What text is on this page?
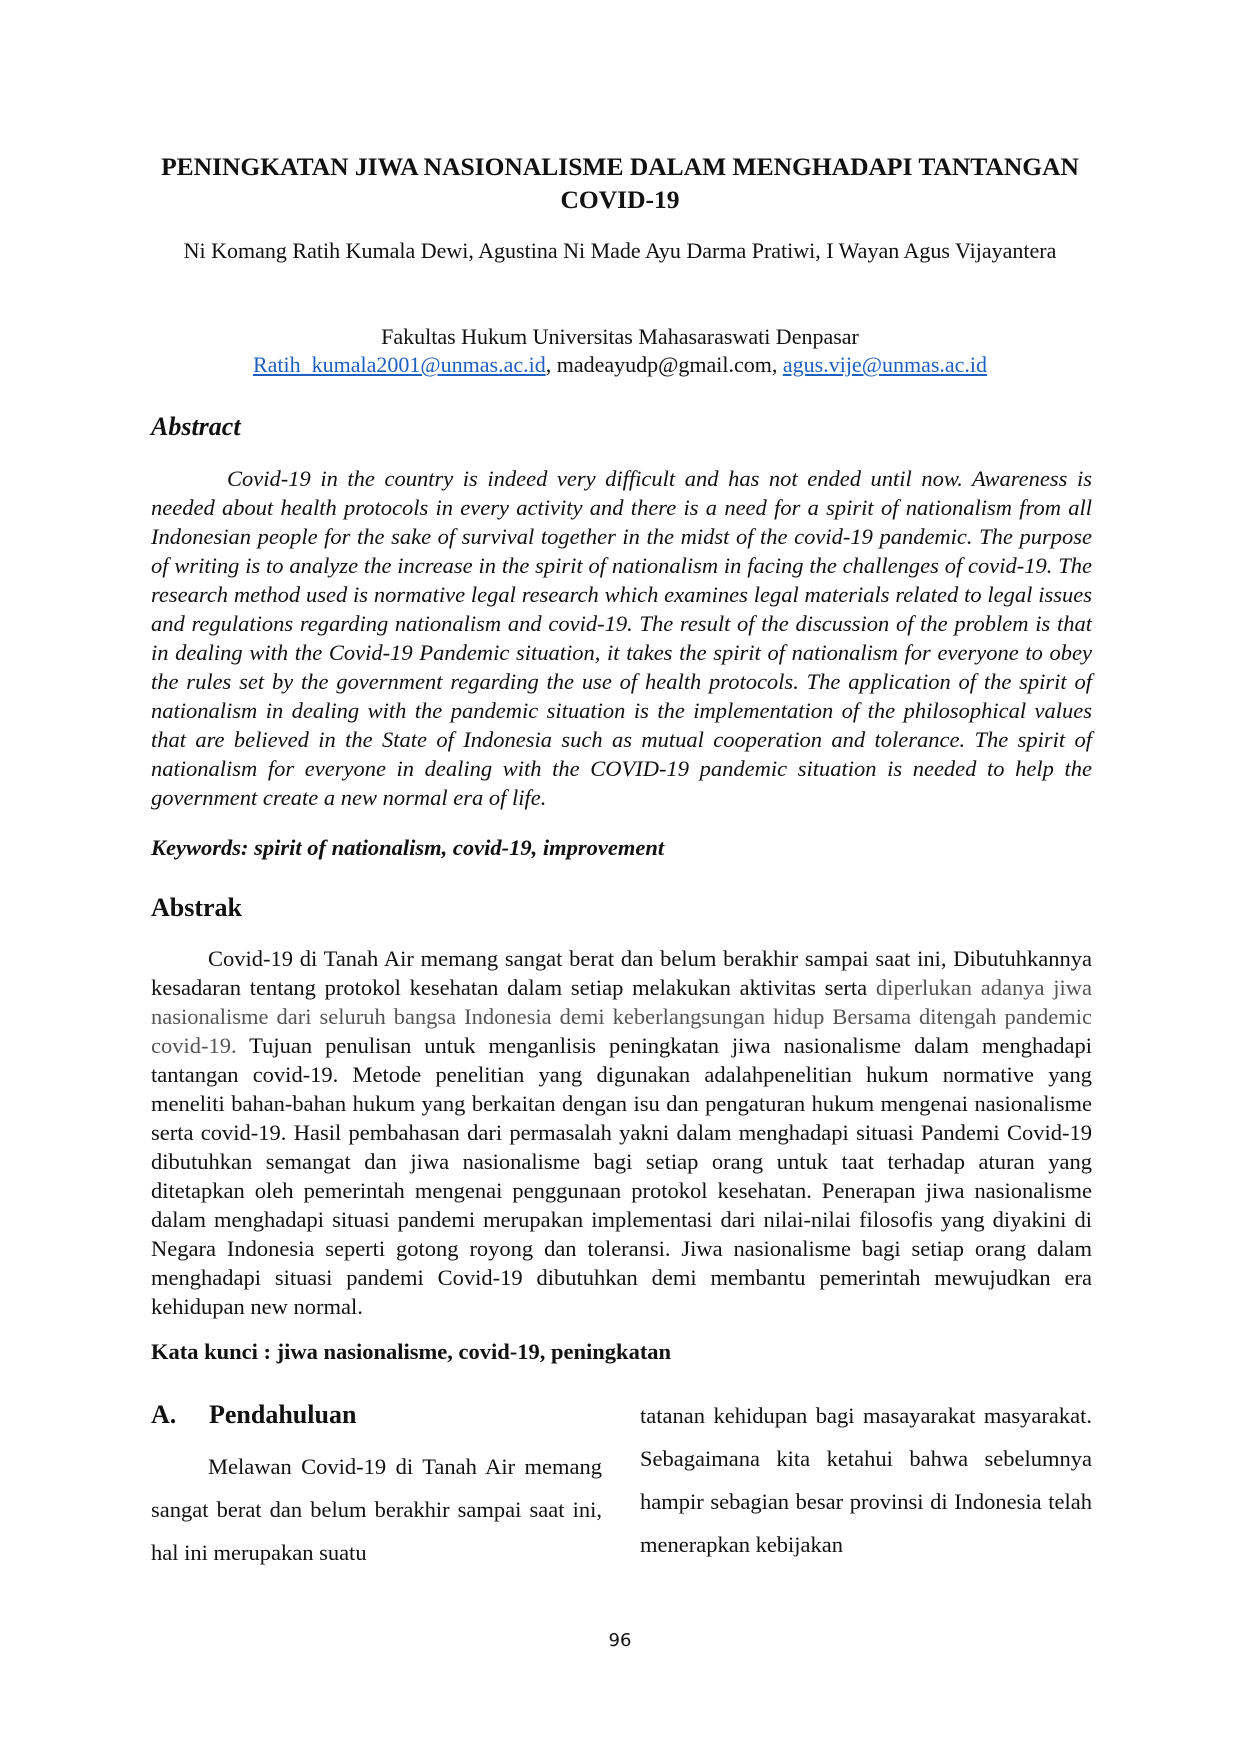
PENINGKATAN JIWA NASIONALISME DALAM MENGHADAPI TANTANGAN COVID-19
Ni Komang Ratih Kumala Dewi, Agustina Ni Made Ayu Darma Pratiwi, I Wayan Agus Vijayantera
Fakultas Hukum Universitas Mahasaraswati Denpasar
Ratih_kumala2001@unmas.ac.id, madeayudp@gmail.com, agus.vije@unmas.ac.id
Abstract

Covid-19 in the country is indeed very difficult and has not ended until now. Awareness is needed about health protocols in every activity and there is a need for a spirit of nationalism from all Indonesian people for the sake of survival together in the midst of the covid-19 pandemic. The purpose of writing is to analyze the increase in the spirit of nationalism in facing the challenges of covid-19. The research method used is normative legal research which examines legal materials related to legal issues and regulations regarding nationalism and covid-19. The result of the discussion of the problem is that in dealing with the Covid-19 Pandemic situation, it takes the spirit of nationalism for everyone to obey the rules set by the government regarding the use of health protocols. The application of the spirit of nationalism in dealing with the pandemic situation is the implementation of the philosophical values that are believed in the State of Indonesia such as mutual cooperation and tolerance. The spirit of nationalism for everyone in dealing with the COVID-19 pandemic situation is needed to help the government create a new normal era of life.

Keywords: spirit of nationalism, covid-19, improvement
Abstrak

Covid-19 di Tanah Air memang sangat berat dan belum berakhir sampai saat ini, Dibutuhkannya kesadaran tentang protokol kesehatan dalam setiap melakukan aktivitas serta diperlukan adanya jiwa nasionalisme dari seluruh bangsa Indonesia demi keberlangsungan hidup Bersama ditengah pandemic covid-19. Tujuan penulisan untuk menganlisis peningkatan jiwa nasionalisme dalam menghadapi tantangan covid-19. Metode penelitian yang digunakan adalahpenelitian hukum normative yang meneliti bahan-bahan hukum yang berkaitan dengan isu dan pengaturan hukum mengenai nasionalisme serta covid-19. Hasil pembahasan dari permasalah yakni dalam menghadapi situasi Pandemi Covid-19 dibutuhkan semangat dan jiwa nasionalisme bagi setiap orang untuk taat terhadap aturan yang ditetapkan oleh pemerintah mengenai penggunaan protokol kesehatan. Penerapan jiwa nasionalisme dalam menghadapi situasi pandemi merupakan implementasi dari nilai-nilai filosofis yang diyakini di Negara Indonesia seperti gotong royong dan toleransi. Jiwa nasionalisme bagi setiap orang dalam menghadapi situasi pandemi Covid-19 dibutuhkan demi membantu pemerintah mewujudkan era kehidupan new normal.

Kata kunci : jiwa nasionalisme, covid-19, peningkatan
A. Pendahuluan

Melawan Covid-19 di Tanah Air memang sangat berat dan belum berakhir sampai saat ini, hal ini merupakan suatu

tatanan kehidupan bagi masayarakat masyarakat. Sebagaimana kita ketahui bahwa sebelumnya hampir sebagian besar provinsi di Indonesia telah menerapkan kebijakan

96
